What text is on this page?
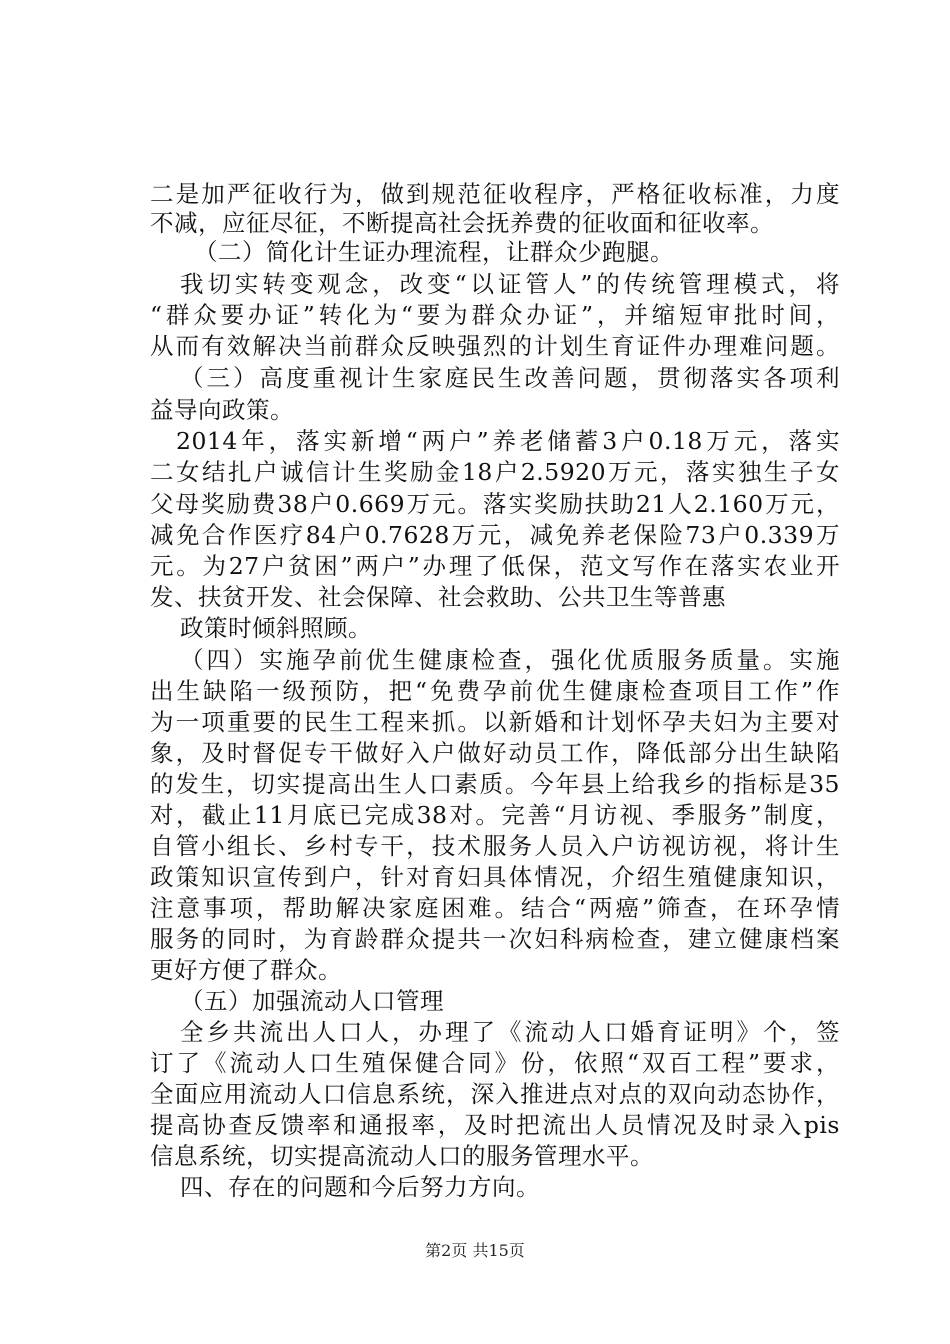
二是加严征收行为，做到规范征收程序，严格征收标准，力度
不减，应征尽征，不断提高社会抚养费的征收面和征收率。
（二）简化计生证办理流程，让群众少跑腿。
我切实转变观念，改变“以证管人”的传统管理模式，将
“群众要办证”转化为“要为群众办证”，并缩短审批时间，
从而有效解决当前群众反映强烈的计划生育证件办理难问题。
（三）高度重视计生家庭民生改善问题，贯彻落实各项利
益导向政策。
2014年，落实新增“两户”养老储蓄3户0.18万元，落实
二女结扎户诚信计生奖励金18户2.5920万元，落实独生子女
父母奖励费38户0.669万元。落实奖励扶助21人2.160万元，
减免合作医疗84户0.7628万元，减免养老保险73户0.339万
元。为27户贫困”两户”办理了低保，范文写作在落实农业开
发、扶贫开发、社会保障、社会救助、公共卫生等普惠
政策时倾斜照顾。
（四）实施孕前优生健康检查，强化优质服务质量。实施
出生缺陷一级预防，把“免费孕前优生健康检查项目工作”作
为一项重要的民生工程来抓。以新婚和计划怀孕夫妇为主要对
象，及时督促专干做好入户做好动员工作，降低部分出生缺陷
的发生，切实提高出生人口素质。今年县上给我乡的指标是35
对，截止11月底已完成38对。完善“月访视、季服务”制度，
自管小组长、乡村专干，技术服务人员入户访视访视，将计生
政策知识宣传到户，针对育妇具体情况，介绍生殖健康知识，
注意事项，帮助解决家庭困难。结合“两癌”筛查，在环孕情
服务的同时，为育龄群众提共一次妇科病检查，建立健康档案
更好方便了群众。
（五）加强流动人口管理
全乡共流出人口人，办理了《流动人口婚育证明》个，签
订了《流动人口生殖保健合同》份，依照“双百工程”要求，
全面应用流动人口信息系统，深入推进点对点的双向动态协作，
提高协查反馈率和通报率，及时把流出人员情况及时录入pis
信息系统，切实提高流动人口的服务管理水平。
四、存在的问题和今后努力方向。
第2页 共15页
